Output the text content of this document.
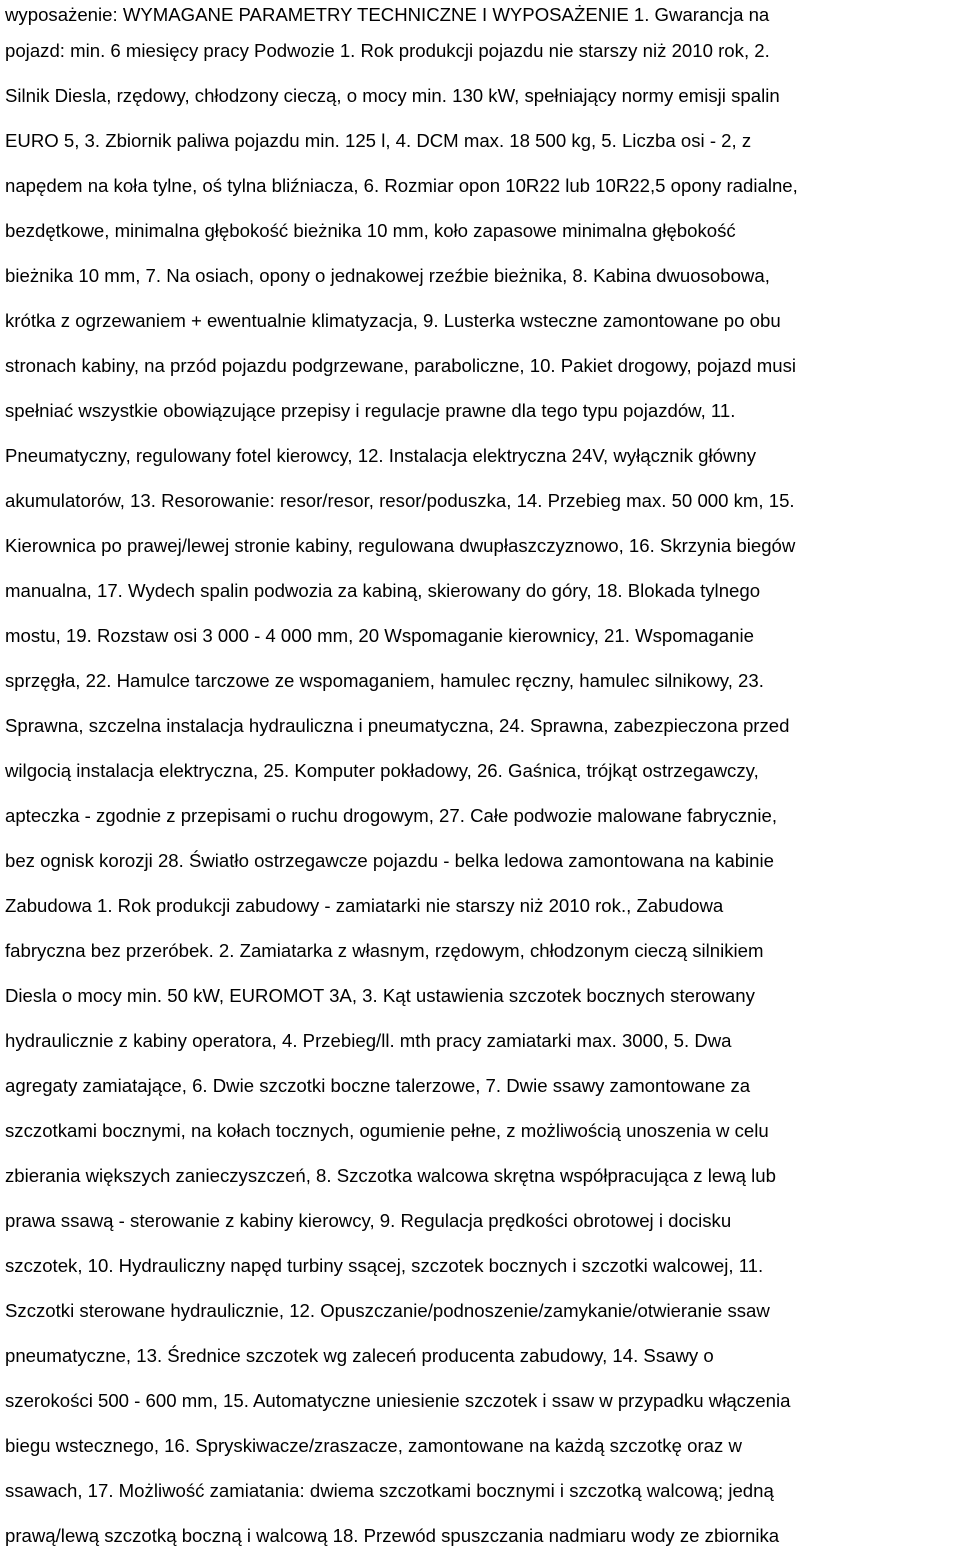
wyposażenie: WYMAGANE PARAMETRY TECHNICZNE I WYPOSAŻENIE 1. Gwarancja na
pojazd: min. 6 miesięcy pracy Podwozie 1. Rok produkcji pojazdu nie starszy niż 2010 rok, 2.
Silnik Diesla, rzędowy, chłodzony cieczą, o mocy min. 130 kW, spełniający normy emisji spalin
EURO 5, 3. Zbiornik paliwa pojazdu min. 125 l, 4. DCM max. 18 500 kg, 5. Liczba osi - 2, z
napędem na koła tylne, oś tylna bliźniacza, 6. Rozmiar opon 10R22 lub 10R22,5 opony radialne,
bezdętkowe, minimalna głębokość bieżnika 10 mm, koło zapasowe minimalna głębokość
bieżnika 10 mm, 7. Na osiach, opony o jednakowej rzeźbie bieżnika, 8. Kabina dwuosobowa,
krótka z ogrzewaniem + ewentualnie klimatyzacja, 9. Lusterka wsteczne zamontowane po obu
stronach kabiny, na przód pojazdu podgrzewane, paraboliczne, 10. Pakiet drogowy, pojazd musi
spełniać wszystkie obowiązujące przepisy i regulacje prawne dla tego typu pojazdów, 11.
Pneumatyczny, regulowany fotel kierowcy, 12. Instalacja elektryczna 24V, wyłącznik główny
akumulatorów, 13. Resorowanie: resor/resor, resor/poduszka, 14. Przebieg max. 50 000 km, 15.
Kierownica po prawej/lewej stronie kabiny, regulowana dwupłaszczyznowo, 16. Skrzynia biegów
manualna, 17. Wydech spalin podwozia za kabiną, skierowany do góry, 18. Blokada tylnego
mostu, 19. Rozstaw osi 3 000 - 4 000 mm, 20 Wspomaganie kierownicy, 21. Wspomaganie
sprzęgła, 22. Hamulce tarczowe ze wspomaganiem, hamulec ręczny, hamulec silnikowy, 23.
Sprawna, szczelna instalacja hydrauliczna i pneumatyczna, 24. Sprawna, zabezpieczona przed
wilgocią instalacja elektryczna, 25. Komputer pokładowy, 26. Gaśnica, trójkąt ostrzegawczy,
apteczka - zgodnie z przepisami o ruchu drogowym, 27. Całe podwozie malowane fabrycznie,
bez ognisk korozji 28. Światło ostrzegawcze pojazdu - belka ledowa zamontowana na kabinie
Zabudowa 1. Rok produkcji zabudowy - zamiatarki nie starszy niż 2010 rok., Zabudowa
fabryczna bez przeróbek. 2. Zamiatarka z własnym, rzędowym, chłodzonym cieczą silnikiem
Diesla o mocy min. 50 kW, EUROMOT 3A, 3. Kąt ustawienia szczotek bocznych sterowany
hydraulicznie z kabiny operatora, 4. Przebieg/ll. mth pracy zamiatarki max. 3000, 5. Dwa
agregaty zamiatające, 6. Dwie szczotki boczne talerzowe, 7. Dwie ssawy zamontowane za
szczotkami bocznymi, na kołach tocznych, ogumienie pełne, z możliwością unoszenia w celu
zbierania większych zanieczyszczeń, 8. Szczotka walcowa skrętna współpracująca z lewą lub
prawa ssawą - sterowanie z kabiny kierowcy, 9. Regulacja prędkości obrotowej i docisku
szczotek, 10. Hydrauliczny napęd turbiny ssącej, szczotek bocznych i szczotki walcowej, 11.
Szczotki sterowane hydraulicznie, 12. Opuszczanie/podnoszenie/zamykanie/otwieranie ssaw
pneumatyczne, 13. Średnice szczotek wg zaleceń producenta zabudowy, 14. Ssawy o
szerokości 500 - 600 mm, 15. Automatyczne uniesienie szczotek i ssaw w przypadku włączenia
biegu wstecznego, 16. Spryskiwacze/zraszacze, zamontowane na każdą szczotkę oraz w
ssawach, 17. Możliwość zamiatania: dwiema szczotkami bocznymi i szczotką walcową; jedną
prawą/lewą szczotką boczną i walcową 18. Przewód spuszczania nadmiaru wody ze zbiornika
